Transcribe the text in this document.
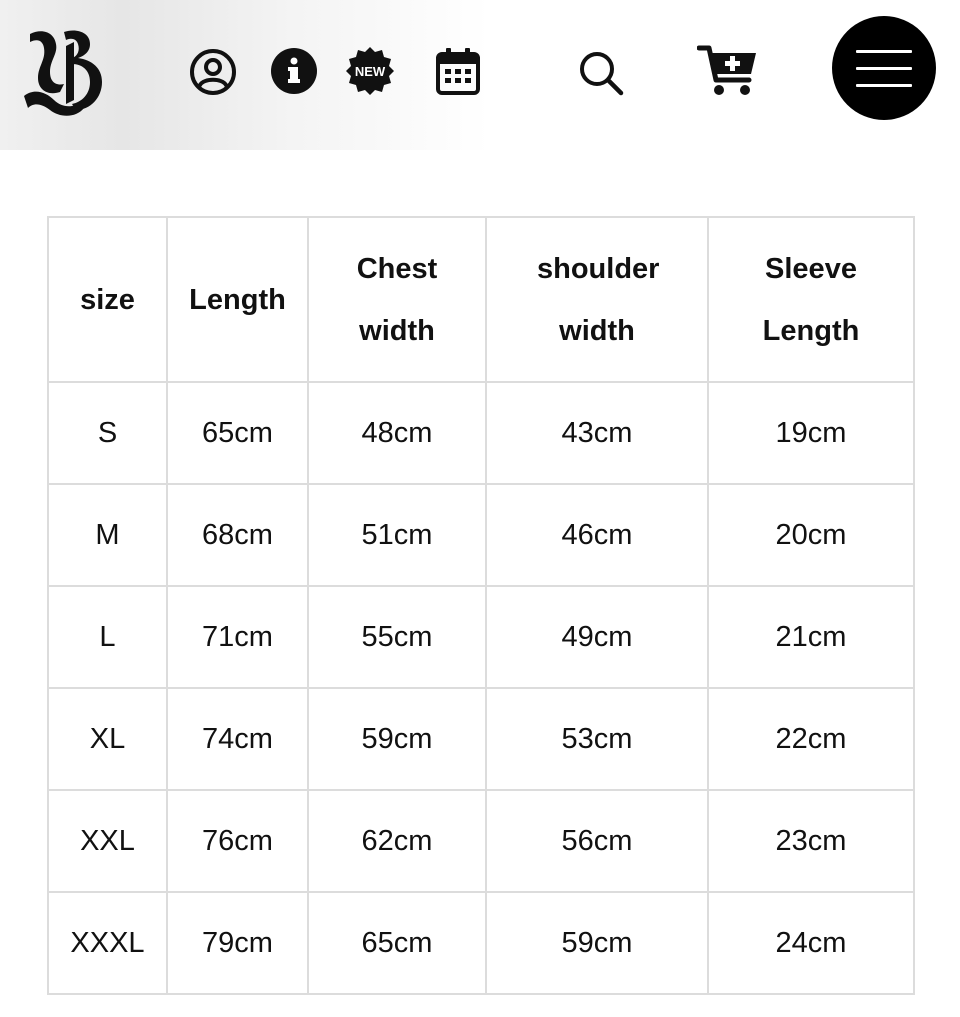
NEW
size	Length	Chest width	shoulder width	Sleeve Length
S	65cm	48cm	43cm	19cm
M	68cm	51cm	46cm	20cm
L	71cm	55cm	49cm	21cm
XL	74cm	59cm	53cm	22cm
XXL	76cm	62cm	56cm	23cm
XXXL	79cm	65cm	59cm	24cm
